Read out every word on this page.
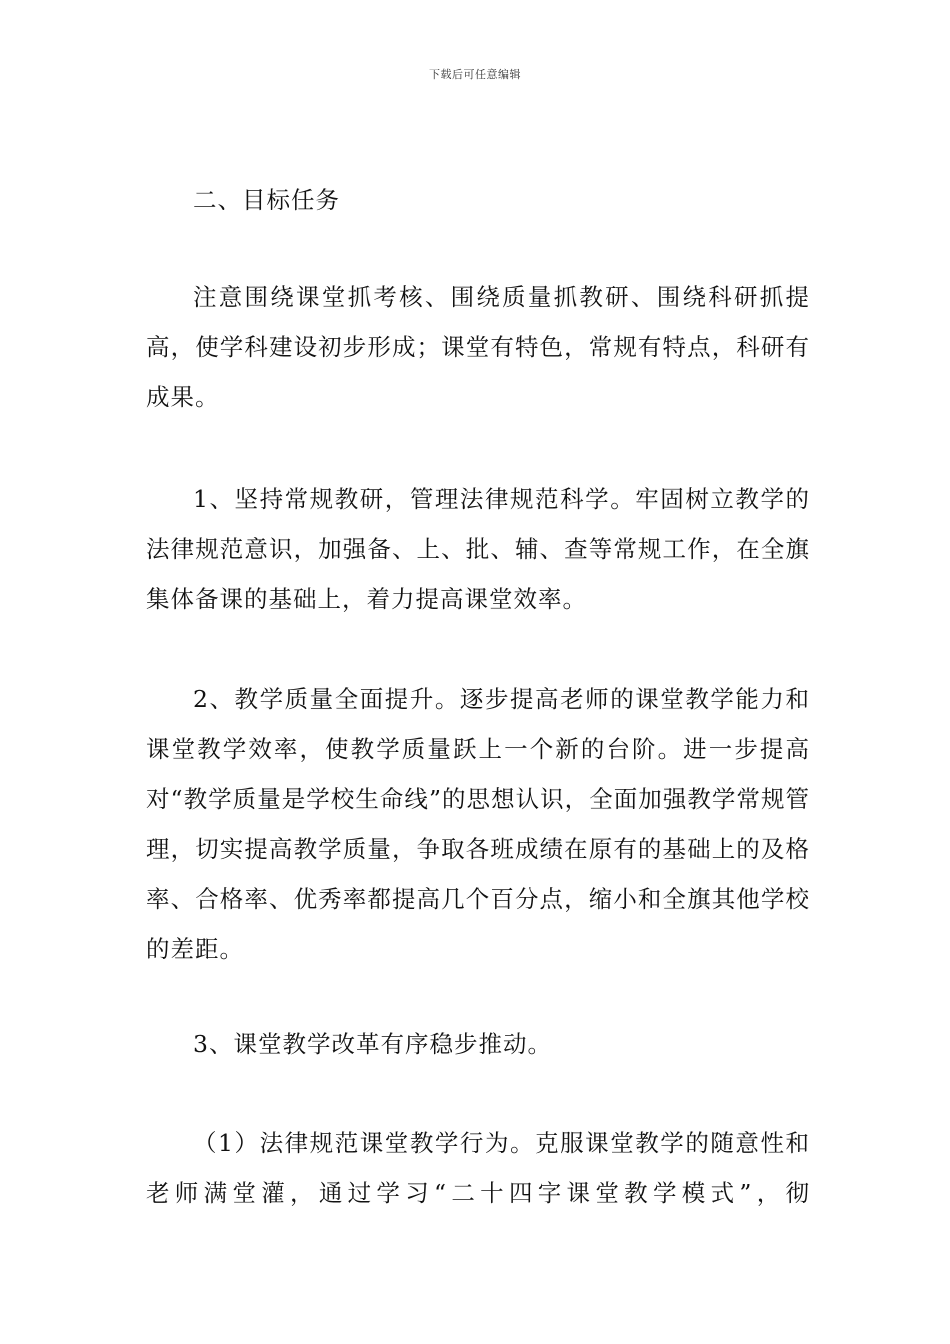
下载后可任意编辑

二、目标任务

注意围绕课堂抓考核、围绕质量抓教研、围绕科研抓提高，使学科建设初步形成；课堂有特色，常规有特点，科研有成果。

1、坚持常规教研，管理法律规范科学。牢固树立教学的法律规范意识，加强备、上、批、辅、查等常规工作，在全旗集体备课的基础上，着力提高课堂效率。

2、教学质量全面提升。逐步提高老师的课堂教学能力和课堂教学效率，使教学质量跃上一个新的台阶。进一步提高对“教学质量是学校生命线”的思想认识，全面加强教学常规管理，切实提高教学质量，争取各班成绩在原有的基础上的及格率、合格率、优秀率都提高几个百分点，缩小和全旗其他学校的差距。

3、课堂教学改革有序稳步推动。

（1）法律规范课堂教学行为。克服课堂教学的随意性和老师满堂灌，通过学习“二十四字课堂教学模式”，彻
